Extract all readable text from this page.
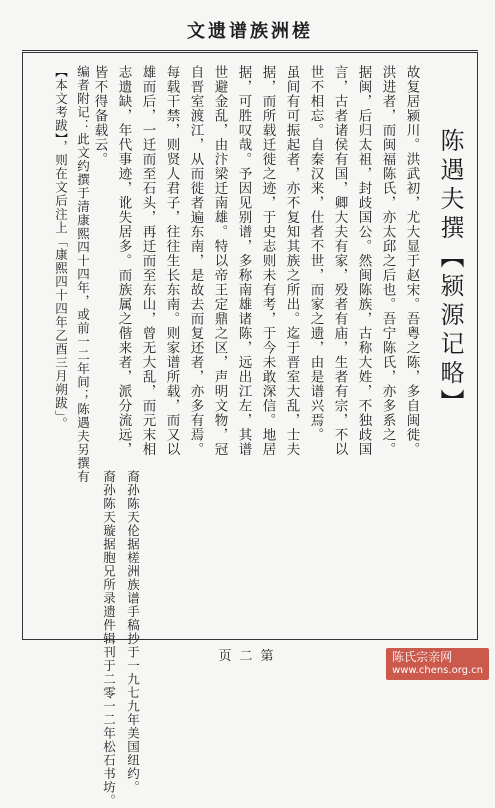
文遗谱族洲槎
陈遇夫撰【颍源记略】
故复居颍川。洪武初，尤大显于赵宋。吾粤之陈，多自闽徙。
洪进者，而闽福陈氏，亦太邱之后也。吾宁陈氏，亦多系之。
据闽，后归太祖，封歧国公。然闽陈族，古称大姓，不独歧国
言，古者诸侯有国，卿大夫有家，殁者有庙，生者有宗，不以
世不相忘。自秦汉来，仕者不世，而家之遗，由是谱兴焉。
虽间有可振起者，亦不复知其族之所出。迄于晋室大乱，士夫
据，而所载迁徙之迹，于史志则未有考，于今未敢深信。地居
据，可胜叹哉。予因见别谱，多称南雄诸陈，远出江左，其谱
世避金乱，由汴梁迁南雄。特以帝王定鼎之区，声明文物，冠
自晋室渡江，从而徙者遍东南，是故去而复还者，亦多有焉。
每载干禁，则贤人君子，往往生长东南。则家谱所载，而又以
雄而后，一迁而至石头，再迁而至东山，曾无大乱，而元末相
志遗缺，年代事迹，讹失居多。而族属之偕来者，派分流远，
皆不得备载云。
裔孙陈天伦据槎洲族谱手稿抄于一九七九年美国纽约。
裔孙陈天璇据胞兄所录遗件辑刊于二零一二年松石书坊。
编者附记：此文约撰于清康熙四十四年，或前一二年间；陈遇夫另撰有
【本文考跋】，则在文后注上「康熙四十四年乙酉三月朔跋」。
页二第	陈氏宗亲网
www.chens.org.cn
